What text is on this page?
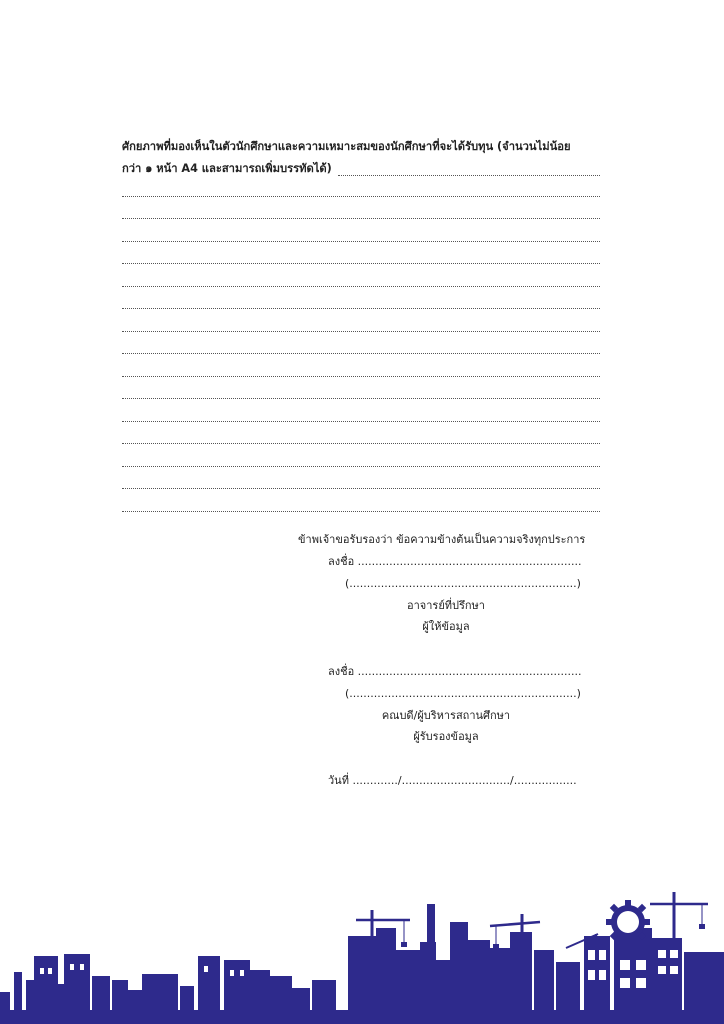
ศักยภาพที่มองเห็นในตัวนักศึกษาและความเหมาะสมของนักศึกษาที่จะได้รับทุน (จำนวนไม่น้อย
กว่า ๑ หน้า A4 และสามารถเพิ่มบรรทัดได้)
ข้าพเจ้าขอรับรองว่า ข้อความข้างต้นเป็นความจริงทุกประการ
ลงชื่อ ................................................................
(.................................................................)
อาจารย์ที่ปรึกษา
ผู้ให้ข้อมูล
ลงชื่อ ................................................................
(.................................................................)
คณบดี/ผู้บริหารสถานศึกษา
ผู้รับรองข้อมูล
วันที่ ............./.............................../..................
